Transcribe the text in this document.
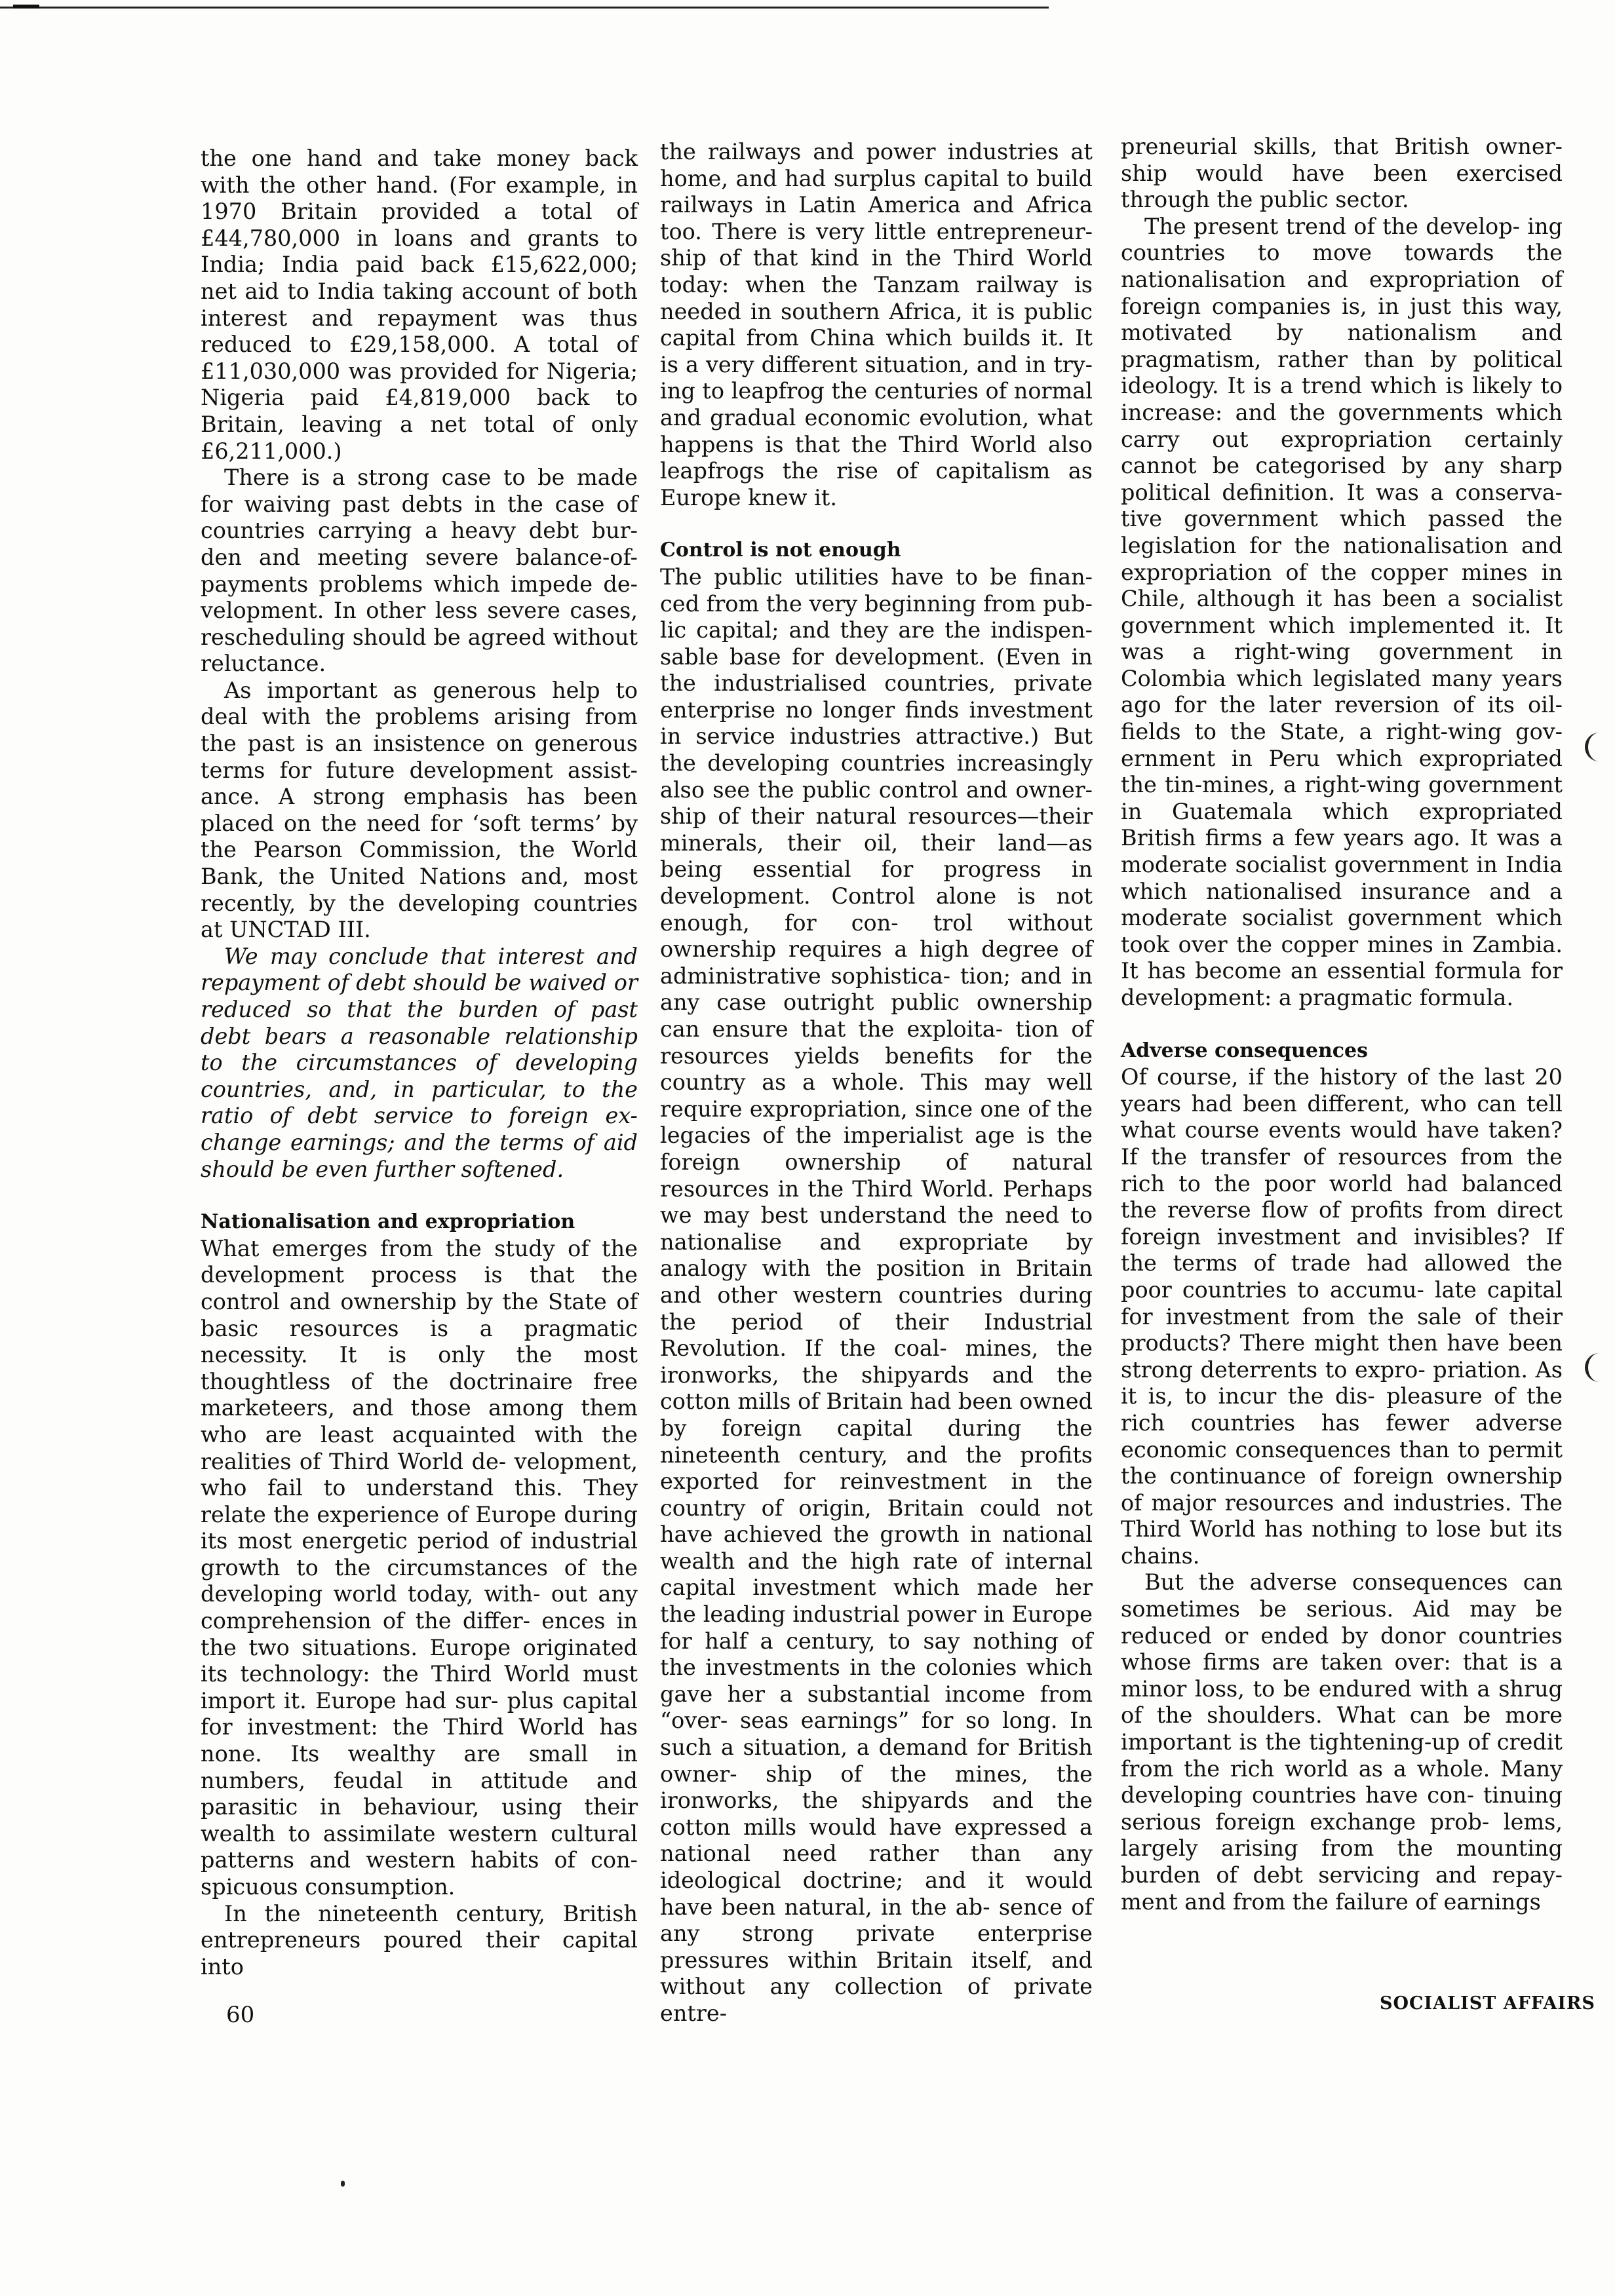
the one hand and take money back with the other hand. (For example, in 1970 Britain provided a total of £44,780,000 in loans and grants to India; India paid back £15,622,000; net aid to India taking account of both interest and repayment was thus reduced to £29,158,000. A total of £11,030,000 was provided for Nigeria; Nigeria paid £4,819,000 back to Britain, leaving a net total of only £6,211,000.)

There is a strong case to be made for waiving past debts in the case of countries carrying a heavy debt bur- den and meeting severe balance-of- payments problems which impede de- velopment. In other less severe cases, rescheduling should be agreed without reluctance.

As important as generous help to deal with the problems arising from the past is an insistence on generous terms for future development assist- ance. A strong emphasis has been placed on the need for ‘soft terms’ by the Pearson Commission, the World Bank, the United Nations and, most recently, by the developing countries at UNCTAD III.

We may conclude that interest and repayment of debt should be waived or reduced so that the burden of past debt bears a reasonable relationship to the circumstances of developing countries, and, in particular, to the ratio of debt service to foreign ex- change earnings; and the terms of aid should be even further softened.

Nationalisation and expropriation

What emerges from the study of the development process is that the control and ownership by the State of basic resources is a pragmatic necessity. It is only the most thoughtless of the doctrinaire free marketeers, and those among them who are least acquainted with the realities of Third World de- velopment, who fail to understand this. They relate the experience of Europe during its most energetic period of industrial growth to the circumstances of the developing world today, with- out any comprehension of the differ- ences in the two situations. Europe originated its technology: the Third World must import it. Europe had sur- plus capital for investment: the Third World has none. Its wealthy are small in numbers, feudal in attitude and parasitic in behaviour, using their wealth to assimilate western cultural patterns and western habits of con- spicuous consumption.

In the nineteenth century, British entrepreneurs poured their capital into

the railways and power industries at home, and had surplus capital to build railways in Latin America and Africa too. There is very little entrepreneur- ship of that kind in the Third World today: when the Tanzam railway is needed in southern Africa, it is public capital from China which builds it. It is a very different situation, and in try- ing to leapfrog the centuries of normal and gradual economic evolution, what happens is that the Third World also leapfrogs the rise of capitalism as Europe knew it.

Control is not enough

The public utilities have to be finan- ced from the very beginning from pub- lic capital; and they are the indispen- sable base for development. (Even in the industrialised countries, private enterprise no longer finds investment in service industries attractive.) But the developing countries increasingly also see the public control and owner- ship of their natural resources—their minerals, their oil, their land—as being essential for progress in development. Control alone is not enough, for con- trol without ownership requires a high degree of administrative sophistica- tion; and in any case outright public ownership can ensure that the exploita- tion of resources yields benefits for the country as a whole. This may well require expropriation, since one of the legacies of the imperialist age is the foreign ownership of natural resources in the Third World. Perhaps we may best understand the need to nationalise and expropriate by analogy with the position in Britain and other western countries during the period of their Industrial Revolution. If the coal- mines, the ironworks, the shipyards and the cotton mills of Britain had been owned by foreign capital during the nineteenth century, and the profits exported for reinvestment in the country of origin, Britain could not have achieved the growth in national wealth and the high rate of internal capital investment which made her the leading industrial power in Europe for half a century, to say nothing of the investments in the colonies which gave her a substantial income from “over- seas earnings” for so long. In such a situation, a demand for British owner- ship of the mines, the ironworks, the shipyards and the cotton mills would have expressed a national need rather than any ideological doctrine; and it would have been natural, in the ab- sence of any strong private enterprise pressures within Britain itself, and without any collection of private entre-

preneurial skills, that British owner- ship would have been exercised through the public sector.

The present trend of the develop- ing countries to move towards the nationalisation and expropriation of foreign companies is, in just this way, motivated by nationalism and pragmatism, rather than by political ideology. It is a trend which is likely to increase: and the governments which carry out expropriation certainly cannot be categorised by any sharp political definition. It was a conserva- tive government which passed the legislation for the nationalisation and expropriation of the copper mines in Chile, although it has been a socialist government which implemented it. It was a right-wing government in Colombia which legislated many years ago for the later reversion of its oil- fields to the State, a right-wing gov- ernment in Peru which expropriated the tin-mines, a right-wing government in Guatemala which expropriated British firms a few years ago. It was a moderate socialist government in India which nationalised insurance and a moderate socialist government which took over the copper mines in Zambia. It has become an essential formula for development: a pragmatic formula.

Adverse consequences

Of course, if the history of the last 20 years had been different, who can tell what course events would have taken? If the transfer of resources from the rich to the poor world had balanced the reverse flow of profits from direct foreign investment and invisibles? If the terms of trade had allowed the poor countries to accumu- late capital for investment from the sale of their products? There might then have been strong deterrents to expro- priation. As it is, to incur the dis- pleasure of the rich countries has fewer adverse economic consequences than to permit the continuance of foreign ownership of major resources and industries. The Third World has nothing to lose but its chains.

But the adverse consequences can sometimes be serious. Aid may be reduced or ended by donor countries whose firms are taken over: that is a minor loss, to be endured with a shrug of the shoulders. What can be more important is the tightening-up of credit from the rich world as a whole. Many developing countries have con- tinuing serious foreign exchange prob- lems, largely arising from the mounting burden of debt servicing and repay- ment and from the failure of earnings

60	SOCIALIST AFFAIRS
